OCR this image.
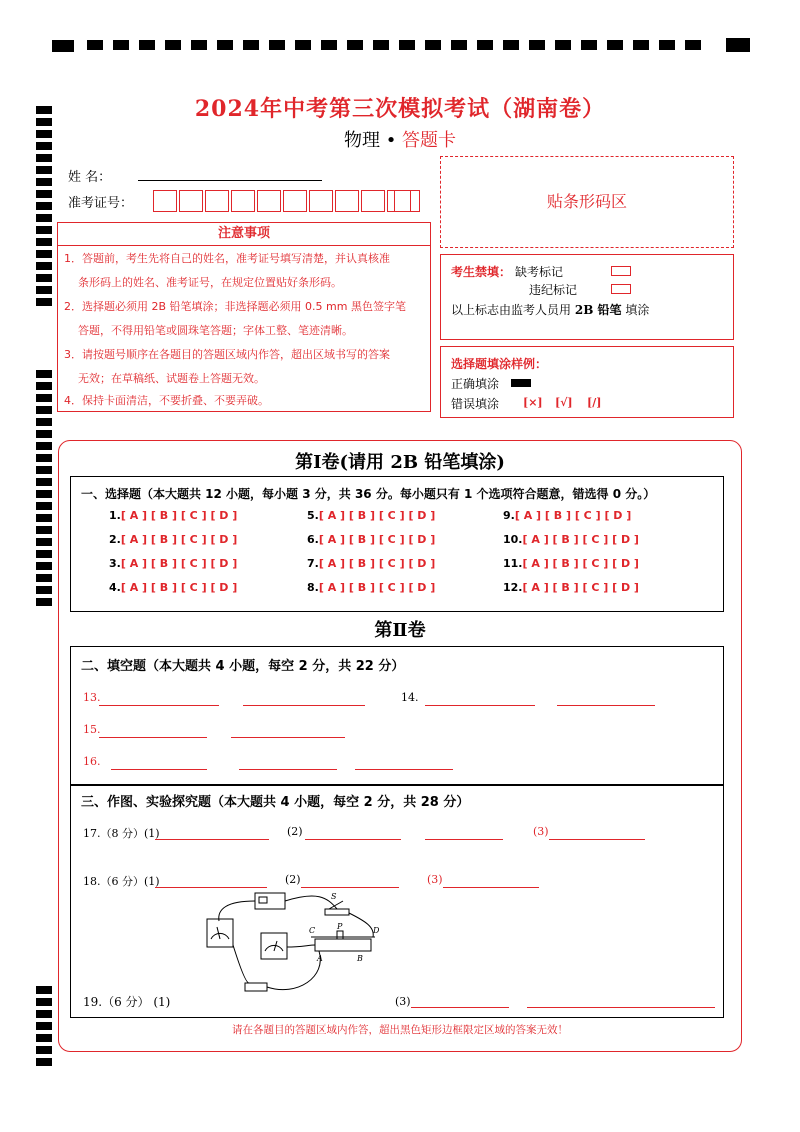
2024年中考第三次模拟考试（湖南卷）
物理 • 答题卡
姓 名：
准考证号：	贴条形码区
注意事项
1．答题前，考生先将自己的姓名，准考证号填写清楚，并认真核准
条形码上的姓名、准考证号，在规定位置贴好条形码。
2．选择题必须用 2B 铅笔填涂；非选择题必须用 0.5 mm 黑色签字笔
答题，不得用铅笔或圆珠笔答题；字体工整、笔迹清晰。
3．请按题号顺序在各题目的答题区域内作答，超出区域书写的答案
无效；在草稿纸、试题卷上答题无效。
4．保持卡面清洁，不要折叠、不要弄破。
考生禁填： 缺考标记
违纪标记
以上标志由监考人员用 2B 铅笔 填涂
选择题填涂样例：
正确填涂
错误填涂 [×] [√] [/]
第Ⅰ卷(请用 2B 铅笔填涂)
一、选择题（本大题共 12 小题，每小题 3 分，共 36 分。每小题只有 1 个选项符合题意，错选得 0 分。）
1.[ A ] [ B ] [ C ] [ D ]
2.[ A ] [ B ] [ C ] [ D ]
3.[ A ] [ B ] [ C ] [ D ]
4.[ A ] [ B ] [ C ] [ D ]
5.[ A ] [ B ] [ C ] [ D ]
6.[ A ] [ B ] [ C ] [ D ]
7.[ A ] [ B ] [ C ] [ D ]
8.[ A ] [ B ] [ C ] [ D ]
9.[ A ] [ B ] [ C ] [ D ]
10.[ A ] [ B ] [ C ] [ D ]
11.[ A ] [ B ] [ C ] [ D ]
12.[ A ] [ B ] [ C ] [ D ]
第Ⅱ卷
二、填空题（本大题共 4 小题，每空 2 分，共 22 分）
13.	14.
15.
16.
三、作图、实验探究题（本大题共 4 小题，每空 2 分，共 28 分）
17.（8 分）(1)	(2)	(3)
18.（6 分）(1)	(2)	(3)
S
P
C	D
A	B
19.（6 分） (1)	(3)
请在各题目的答题区域内作答，超出黑色矩形边框限定区域的答案无效！
